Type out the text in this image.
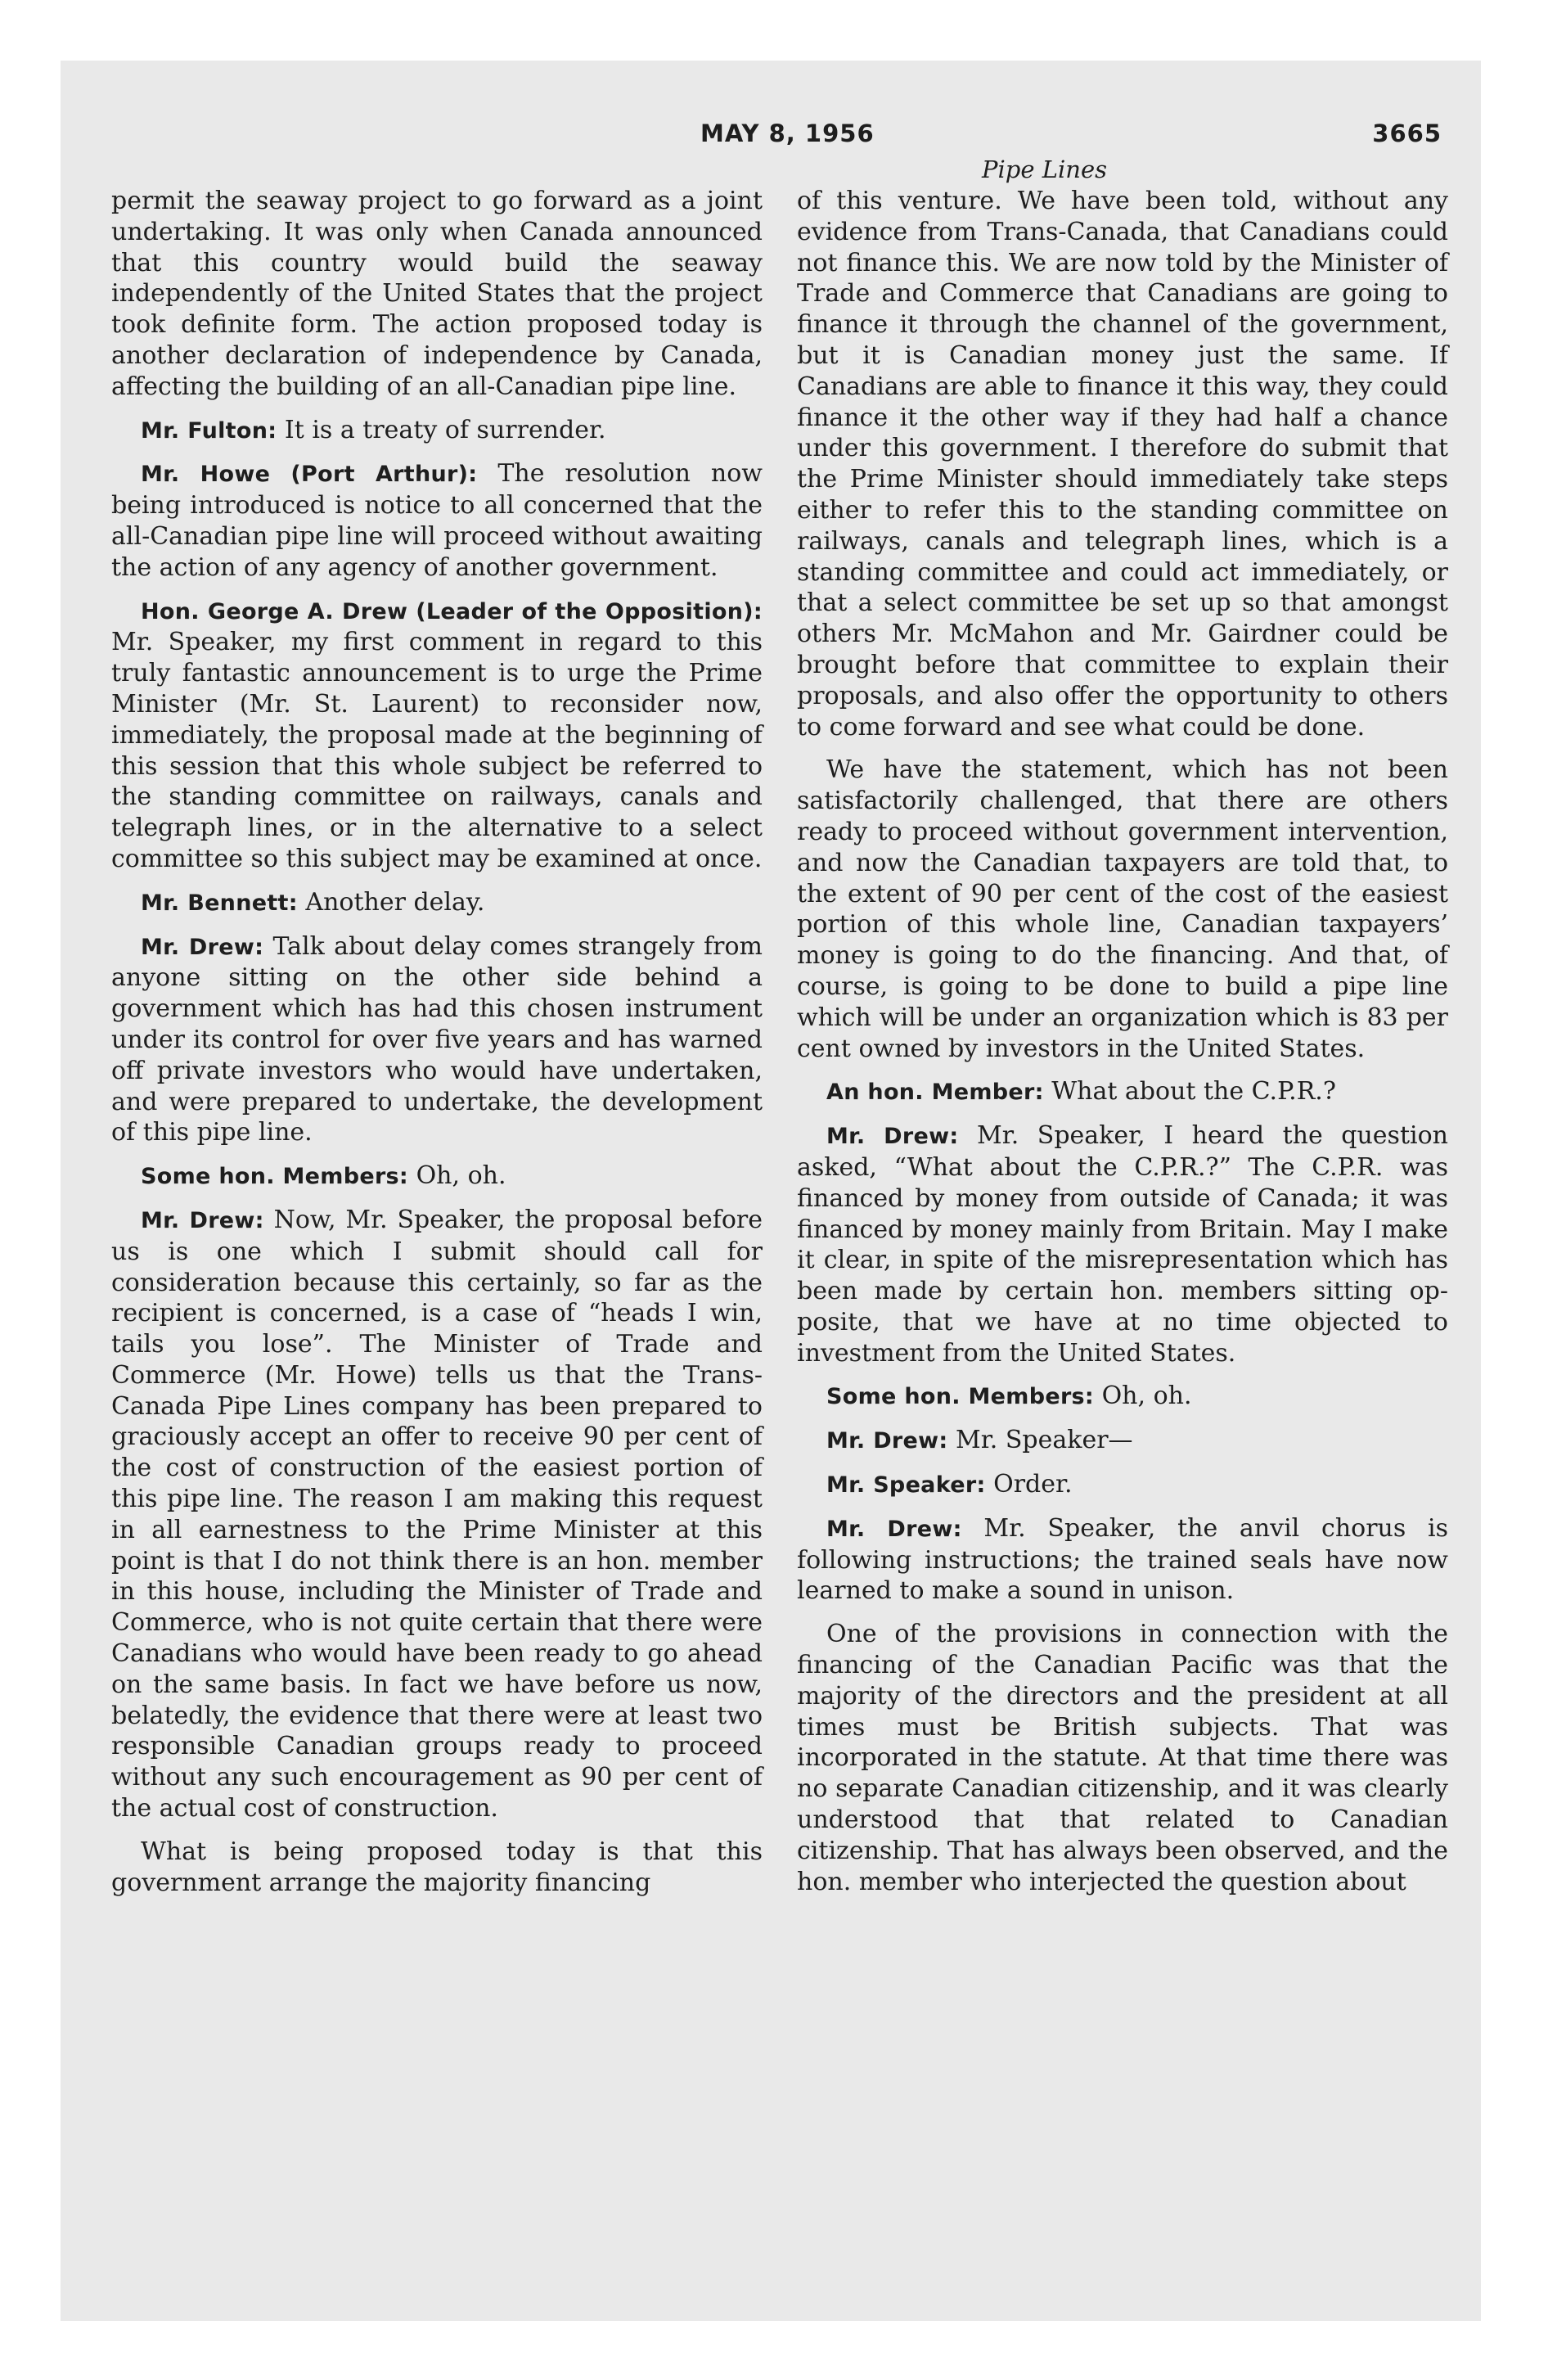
MAY 8, 1956	3665
Pipe Lines

permit the seaway project to go forward as a joint undertaking. It was only when Canada announced that this country would build the seaway independently of the United States that the project took definite form. The action proposed today is another declaration of independence by Canada, affecting the building of an all-Canadian pipe line.

Mr. Fulton: It is a treaty of surrender.

Mr. Howe (Port Arthur): The resolution now being introduced is notice to all concerned that the all-Canadian pipe line will proceed without awaiting the action of any agency of another government.

Hon. George A. Drew (Leader of the Opposition): Mr. Speaker, my first comment in regard to this truly fantastic announcement is to urge the Prime Minister (Mr. St. Laurent) to reconsider now, immediately, the proposal made at the beginning of this session that this whole subject be referred to the standing committee on railways, canals and telegraph lines, or in the alternative to a select committee so this subject may be examined at once.

Mr. Bennett: Another delay.

Mr. Drew: Talk about delay comes strangely from anyone sitting on the other side behind a government which has had this chosen instrument under its control for over five years and has warned off private investors who would have undertaken, and were prepared to undertake, the development of this pipe line.

Some hon. Members: Oh, oh.

Mr. Drew: Now, Mr. Speaker, the proposal before us is one which I submit should call for consideration because this certainly, so far as the recipient is concerned, is a case of “heads I win, tails you lose”. The Minister of Trade and Commerce (Mr. Howe) tells us that the Trans-Canada Pipe Lines company has been prepared to graciously accept an offer to receive 90 per cent of the cost of construction of the easiest portion of this pipe line. The reason I am making this request in all earnestness to the Prime Minister at this point is that I do not think there is an hon. member in this house, including the Minister of Trade and Commerce, who is not quite certain that there were Canadians who would have been ready to go ahead on the same basis. In fact we have before us now, belatedly, the evidence that there were at least two responsible Canadian groups ready to proceed without any such encouragement as 90 per cent of the actual cost of construction.

What is being proposed today is that this government arrange the majority financing

of this venture. We have been told, without any evidence from Trans-Canada, that Canadians could not finance this. We are now told by the Minister of Trade and Commerce that Canadians are going to finance it through the channel of the government, but it is Canadian money just the same. If Canadians are able to finance it this way, they could finance it the other way if they had half a chance under this government. I therefore do submit that the Prime Minister should immediately take steps either to refer this to the standing committee on railways, canals and telegraph lines, which is a standing committee and could act immediately, or that a select committee be set up so that amongst others Mr. McMahon and Mr. Gairdner could be brought before that committee to explain their proposals, and also offer the opportunity to others to come forward and see what could be done.

We have the statement, which has not been satisfactorily challenged, that there are others ready to proceed without government intervention, and now the Canadian taxpayers are told that, to the extent of 90 per cent of the cost of the easiest portion of this whole line, Canadian taxpayers’ money is going to do the financing. And that, of course, is going to be done to build a pipe line which will be under an organization which is 83 per cent owned by investors in the United States.

An hon. Member: What about the C.P.R.?

Mr. Drew: Mr. Speaker, I heard the question asked, “What about the C.P.R.?” The C.P.R. was financed by money from outside of Canada; it was financed by money mainly from Britain. May I make it clear, in spite of the misrepresentation which has been made by certain hon. members sitting opposite, that we have at no time objected to investment from the United States.

Some hon. Members: Oh, oh.

Mr. Drew: Mr. Speaker—

Mr. Speaker: Order.

Mr. Drew: Mr. Speaker, the anvil chorus is following instructions; the trained seals have now learned to make a sound in unison.

One of the provisions in connection with the financing of the Canadian Pacific was that the majority of the directors and the president at all times must be British subjects. That was incorporated in the statute. At that time there was no separate Canadian citizenship, and it was clearly understood that that related to Canadian citizenship. That has always been observed, and the hon. member who interjected the question about
